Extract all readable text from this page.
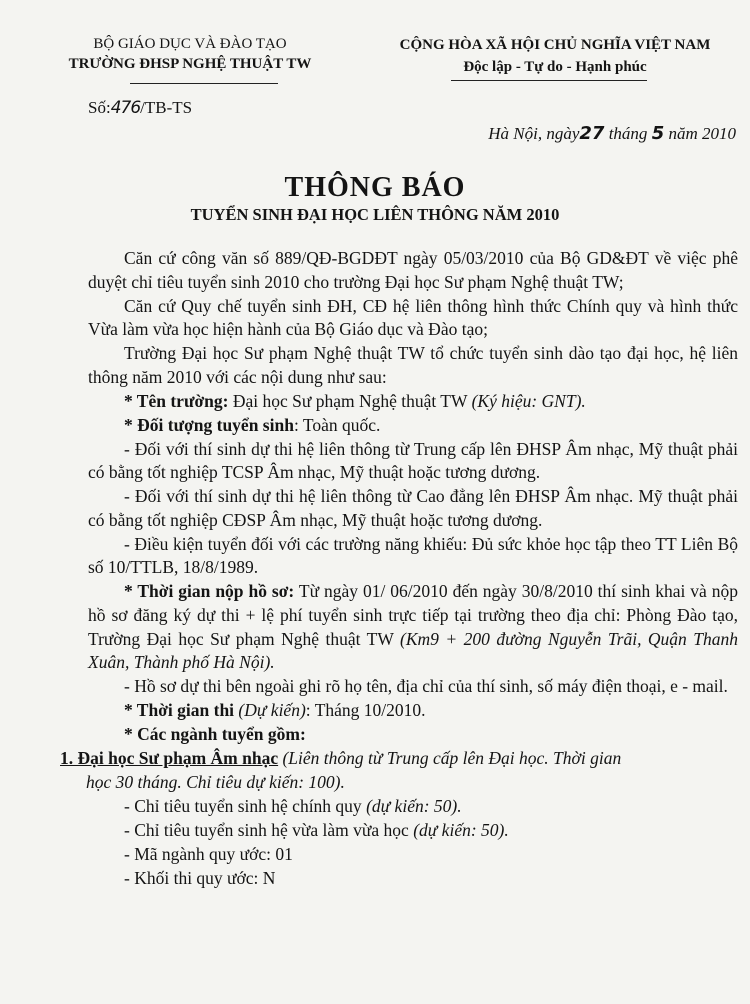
BỘ GIÁO DỤC VÀ ĐÀO TẠO
TRƯỜNG ĐHSP NGHỆ THUẬT TW
CỘNG HÒA XÃ HỘI CHỦ NGHĨA VIỆT NAM
Độc lập - Tự do - Hạnh phúc
Số:476/TB-TS
Hà Nội, ngày27 tháng 5 năm 2010
THÔNG BÁO
TUYỂN SINH ĐẠI HỌC LIÊN THÔNG NĂM 2010

Căn cứ công văn số 889/QĐ-BGDĐT ngày 05/03/2010 của Bộ GD&ĐT về việc phê duyệt chỉ tiêu tuyển sinh 2010 cho trường Đại học Sư phạm Nghệ thuật TW;

Căn cứ Quy chế tuyển sinh ĐH, CĐ hệ liên thông hình thức Chính quy và hình thức Vừa làm vừa học hiện hành của Bộ Giáo dục và Đào tạo;

Trường Đại học Sư phạm Nghệ thuật TW tổ chức tuyển sinh dào tạo đại học, hệ liên thông năm 2010 với các nội dung như sau:

* Tên trường: Đại học Sư phạm Nghệ thuật TW (Ký hiệu: GNT).

* Đối tượng tuyển sinh: Toàn quốc.

- Đối với thí sinh dự thi hệ liên thông từ Trung cấp lên ĐHSP Âm nhạc, Mỹ thuật phải có bằng tốt nghiệp TCSP Âm nhạc, Mỹ thuật hoặc tương dương.

- Đối với thí sinh dự thi hệ liên thông từ Cao đẳng lên ĐHSP Âm nhạc. Mỹ thuật phải có bằng tốt nghiệp CĐSP Âm nhạc, Mỹ thuật hoặc tương dương.

- Điều kiện tuyển đối với các trường năng khiếu: Đủ sức khỏe học tập theo TT Liên Bộ số 10/TTLB, 18/8/1989.

* Thời gian nộp hồ sơ: Từ ngày 01/ 06/2010 đến ngày 30/8/2010 thí sinh khai và nộp hồ sơ đăng ký dự thi + lệ phí tuyển sinh trực tiếp tại trường theo địa chỉ: Phòng Đào tạo, Trường Đại học Sư phạm Nghệ thuật TW (Km9 + 200 đường Nguyễn Trãi, Quận Thanh Xuân, Thành phố Hà Nội).

- Hồ sơ dự thi bên ngoài ghi rõ họ tên, địa chỉ của thí sinh, số máy điện thoại, e - mail.

* Thời gian thi (Dự kiến): Tháng 10/2010.

* Các ngành tuyển gồm:

1. Đại học Sư phạm Âm nhạc (Liên thông từ Trung cấp lên Đại học. Thời gian

học 30 tháng. Chỉ tiêu dự kiến: 100).

- Chỉ tiêu tuyển sinh hệ chính quy (dự kiến: 50).

- Chỉ tiêu tuyển sinh hệ vừa làm vừa học (dự kiến: 50).

- Mã ngành quy ước: 01

- Khối thi quy ước: N
